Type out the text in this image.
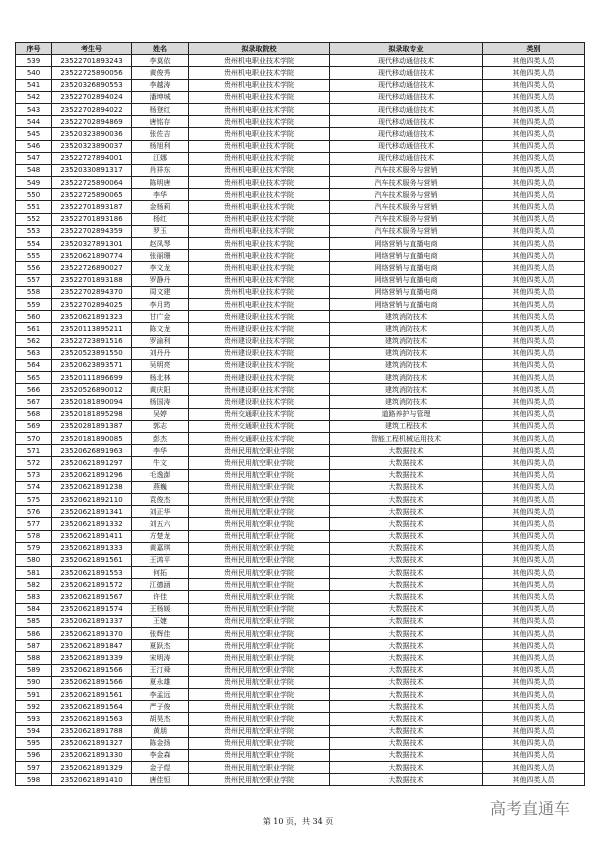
序号	考生号	姓名	拟录取院校	拟录取专业	类别
539	23522701893243	李莫依	贵州机电职业技术学院	现代移动通信技术	其他四类人员
540	23522725890056	黄俊秀	贵州机电职业技术学院	现代移动通信技术	其他四类人员
541	23520326890553	李越涛	贵州机电职业技术学院	现代移动通信技术	其他四类人员
542	23522702894024	潘坤城	贵州机电职业技术学院	现代移动通信技术	其他四类人员
543	23522702894022	杨登红	贵州机电职业技术学院	现代移动通信技术	其他四类人员
544	23522702894869	唐铭存	贵州机电职业技术学院	现代移动通信技术	其他四类人员
545	23520323890036	张佐吉	贵州机电职业技术学院	现代移动通信技术	其他四类人员
546	23520323890037	杨旭利	贵州机电职业技术学院	现代移动通信技术	其他四类人员
547	23522727894001	江娜	贵州机电职业技术学院	现代移动通信技术	其他四类人员
548	23520330891317	肖祥东	贵州机电职业技术学院	汽车技术服务与营销	其他四类人员
549	23522725890064	陈明唐	贵州机电职业技术学院	汽车技术服务与营销	其他四类人员
550	23522725890065	李华	贵州机电职业技术学院	汽车技术服务与营销	其他四类人员
551	23522701893187	金杨莉	贵州机电职业技术学院	汽车技术服务与营销	其他四类人员
552	23522701893186	杨红	贵州机电职业技术学院	汽车技术服务与营销	其他四类人员
553	23522702894359	罗玉	贵州机电职业技术学院	汽车技术服务与营销	其他四类人员
554	23520327891301	赵凤琴	贵州机电职业技术学院	网络营销与直播电商	其他四类人员
555	23520621890774	张丽珊	贵州机电职业技术学院	网络营销与直播电商	其他四类人员
556	23522726890027	李文龙	贵州机电职业技术学院	网络营销与直播电商	其他四类人员
557	23522701893188	罗静丹	贵州机电职业技术学院	网络营销与直播电商	其他四类人员
558	23522702894370	周文建	贵州机电职业技术学院	网络营销与直播电商	其他四类人员
559	23522702894025	李月筠	贵州机电职业技术学院	网络营销与直播电商	其他四类人员
560	23520621891323	甘广金	贵州建设职业技术学院	建筑消防技术	其他四类人员
561	23520113895211	陈文龙	贵州建设职业技术学院	建筑消防技术	其他四类人员
562	23522723891516	罗渝利	贵州建设职业技术学院	建筑消防技术	其他四类人员
563	23520523891550	刘丹丹	贵州建设职业技术学院	建筑消防技术	其他四类人员
564	23520623893571	吴明亮	贵州建设职业技术学院	建筑消防技术	其他四类人员
565	23520111896699	杨北林	贵州建设职业技术学院	建筑消防技术	其他四类人员
566	23520526890012	黄庆阳	贵州建设职业技术学院	建筑消防技术	其他四类人员
567	23520181890094	杨国涛	贵州建设职业技术学院	建筑消防技术	其他四类人员
568	23520181895298	吴婷	贵州交通职业技术学院	道路养护与管理	其他四类人员
569	23520281891387	郭志	贵州交通职业技术学院	建筑工程技术	其他四类人员
570	23520181890085	彭杰	贵州交通职业技术学院	智能工程机械运用技术	其他四类人员
571	23520626891963	李华	贵州民用航空职业学院	大数据技术	其他四类人员
572	23520621891297	牛文	贵州民用航空职业学院	大数据技术	其他四类人员
573	23520621891296	毛逸澎	贵州民用航空职业学院	大数据技术	其他四类人员
574	23520621891238	燕巍	贵州民用航空职业学院	大数据技术	其他四类人员
575	23520621892110	袁俊杰	贵州民用航空职业学院	大数据技术	其他四类人员
576	23520621891341	刘正华	贵州民用航空职业学院	大数据技术	其他四类人员
577	23520621891332	刘五六	贵州民用航空职业学院	大数据技术	其他四类人员
578	23520621891411	方楚龙	贵州民用航空职业学院	大数据技术	其他四类人员
579	23520621891333	黄嘉琪	贵州民用航空职业学院	大数据技术	其他四类人员
580	23520621891561	王鸿平	贵州民用航空职业学院	大数据技术	其他四类人员
581	23520621891553	何拓	贵州民用航空职业学院	大数据技术	其他四类人员
582	23520621891572	江德涵	贵州民用航空职业学院	大数据技术	其他四类人员
583	23520621891567	许佳	贵州民用航空职业学院	大数据技术	其他四类人员
584	23520621891574	王杨媛	贵州民用航空职业学院	大数据技术	其他四类人员
585	23520621891337	王婕	贵州民用航空职业学院	大数据技术	其他四类人员
586	23520621891370	张辉佳	贵州民用航空职业学院	大数据技术	其他四类人员
587	23520621891847	夏跃杰	贵州民用航空职业学院	大数据技术	其他四类人员
588	23520621891339	宋明涛	贵州民用航空职业学院	大数据技术	其他四类人员
589	23520621891566	王汀舜	贵州民用航空职业学院	大数据技术	其他四类人员
590	23520621891566	夏永雄	贵州民用航空职业学院	大数据技术	其他四类人员
591	23520621891561	李孟远	贵州民用航空职业学院	大数据技术	其他四类人员
592	23520621891564	严子俊	贵州民用航空职业学院	大数据技术	其他四类人员
593	23520621891563	胡昊杰	贵州民用航空职业学院	大数据技术	其他四类人员
594	23520621891788	黄朋	贵州民用航空职业学院	大数据技术	其他四类人员
595	23520621891327	陈金扬	贵州民用航空职业学院	大数据技术	其他四类人员
596	23520621891330	李金森	贵州民用航空职业学院	大数据技术	其他四类人员
597	23520621891329	金子煜	贵州民用航空职业学院	大数据技术	其他四类人员
598	23520621891410	唐佳恒	贵州民用航空职业学院	大数据技术	其他四类人员
第 10 页，共 34 页
高考直通车
